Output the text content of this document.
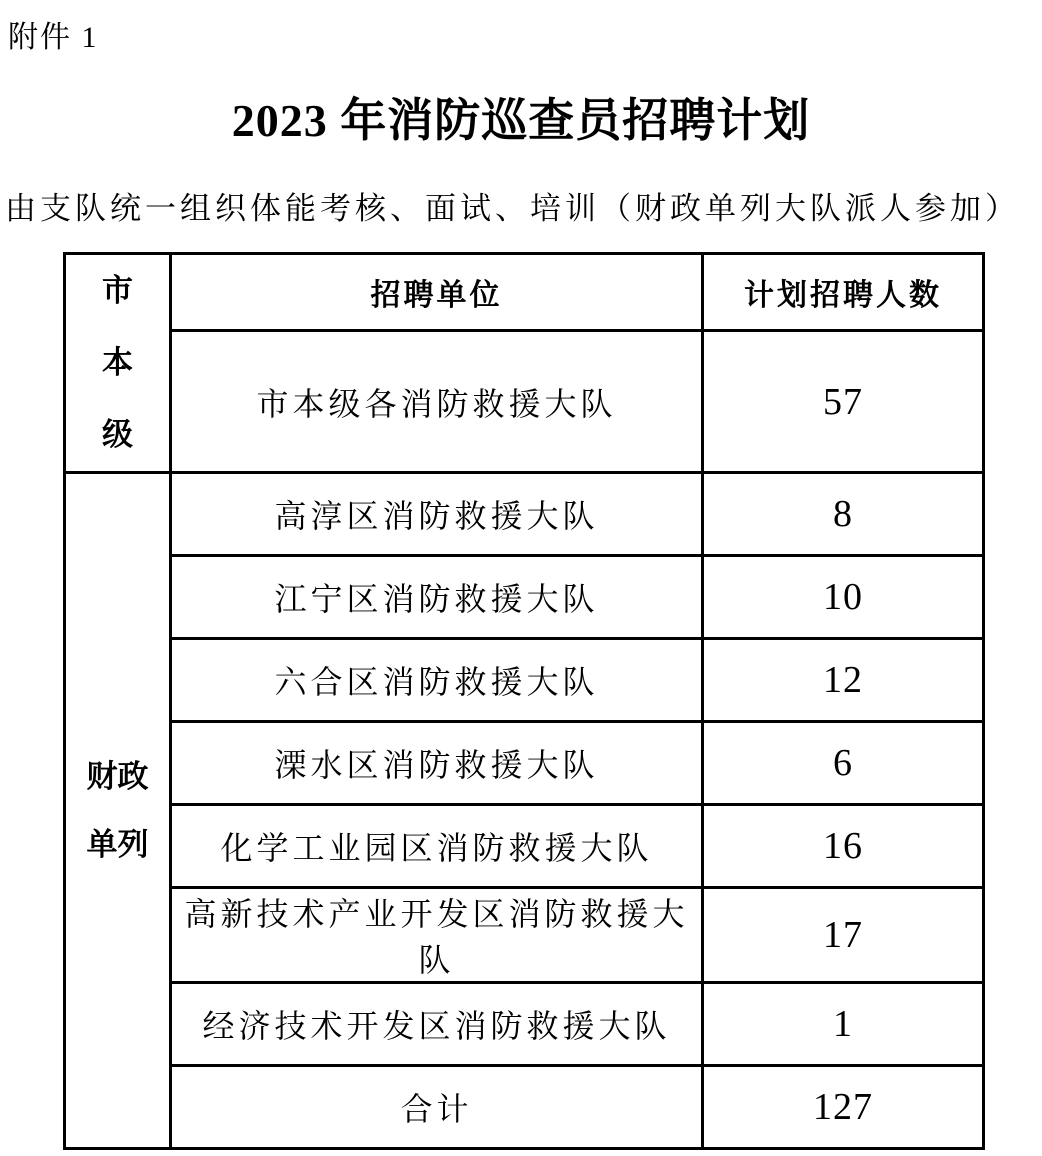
附件 1
2023 年消防巡查员招聘计划
由支队统一组织体能考核、面试、培训（财政单列大队派人参加）
市
本
级	招聘单位	计划招聘人数
	市本级各消防救援大队	57

财政
单列	高淳区消防救援大队	8
	江宁区消防救援大队	10
	六合区消防救援大队	12
	溧水区消防救援大队	6
	化学工业园区消防救援大队	16
	高新技术产业开发区消防救援大队	17
	经济技术开发区消防救援大队	1
	合计	127
